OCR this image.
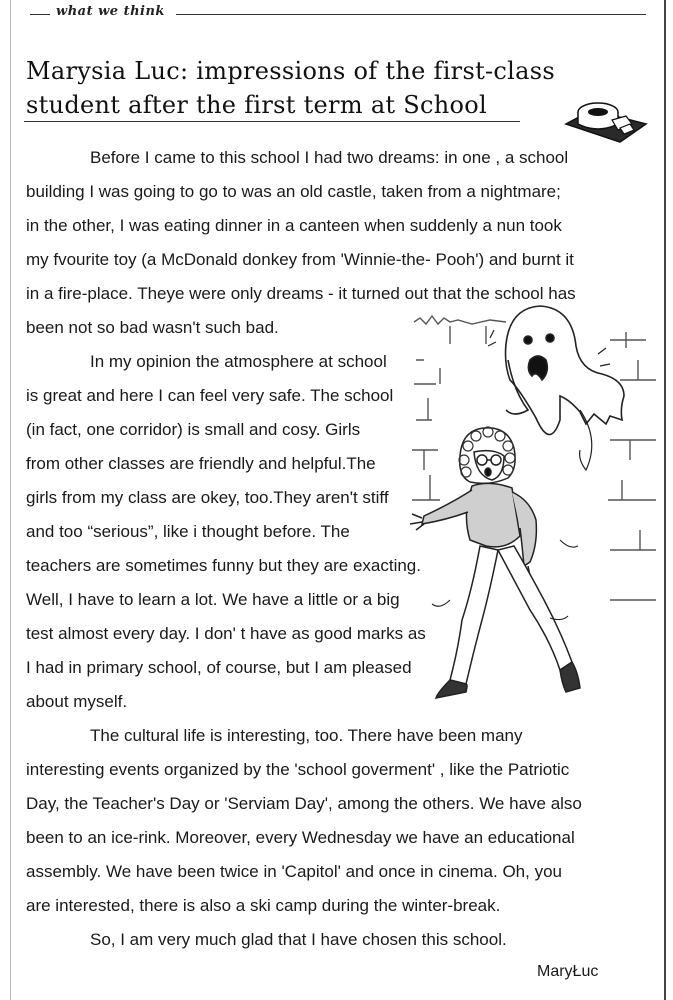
what we think
Marysia Luc: impressions of the first-class
student after the first term at School
Before I came to this school I had two dreams: in one , a school
building I was going to go to was an old castle, taken from a nightmare;
in the other, I was eating dinner in a canteen when suddenly a nun took
my fvourite toy (a McDonald donkey from 'Winnie-the- Pooh') and burnt it
in a fire-place. Theye were only dreams - it turned out that the school has
been not so bad wasn't such bad.
In my opinion the atmosphere at school
is great and here I can feel very safe. The school
(in fact, one corridor) is small and cosy. Girls
from other classes are friendly and helpful.The
girls from my class are okey, too.They aren't stiff
and too “serious”, like i thought before. The
teachers are sometimes funny but they are exacting.
Well, I have to learn a lot. We have a little or a big
test almost every day. I don' t have as good marks as
I had in primary school, of course, but I am pleased
about myself.
The cultural life is interesting, too. There have been many
interesting events organized by the 'school goverment' , like the Patriotic
Day, the Teacher's Day or 'Serviam Day', among the others. We have also
been to an ice-rink. Moreover, every Wednesday we have an educational
assembly. We have been twice in 'Capitol' and once in cinema. Oh, you
are interested, there is also a ski camp during the winter-break.
So, I am very much glad that I have chosen this school.
MaryŁuc
